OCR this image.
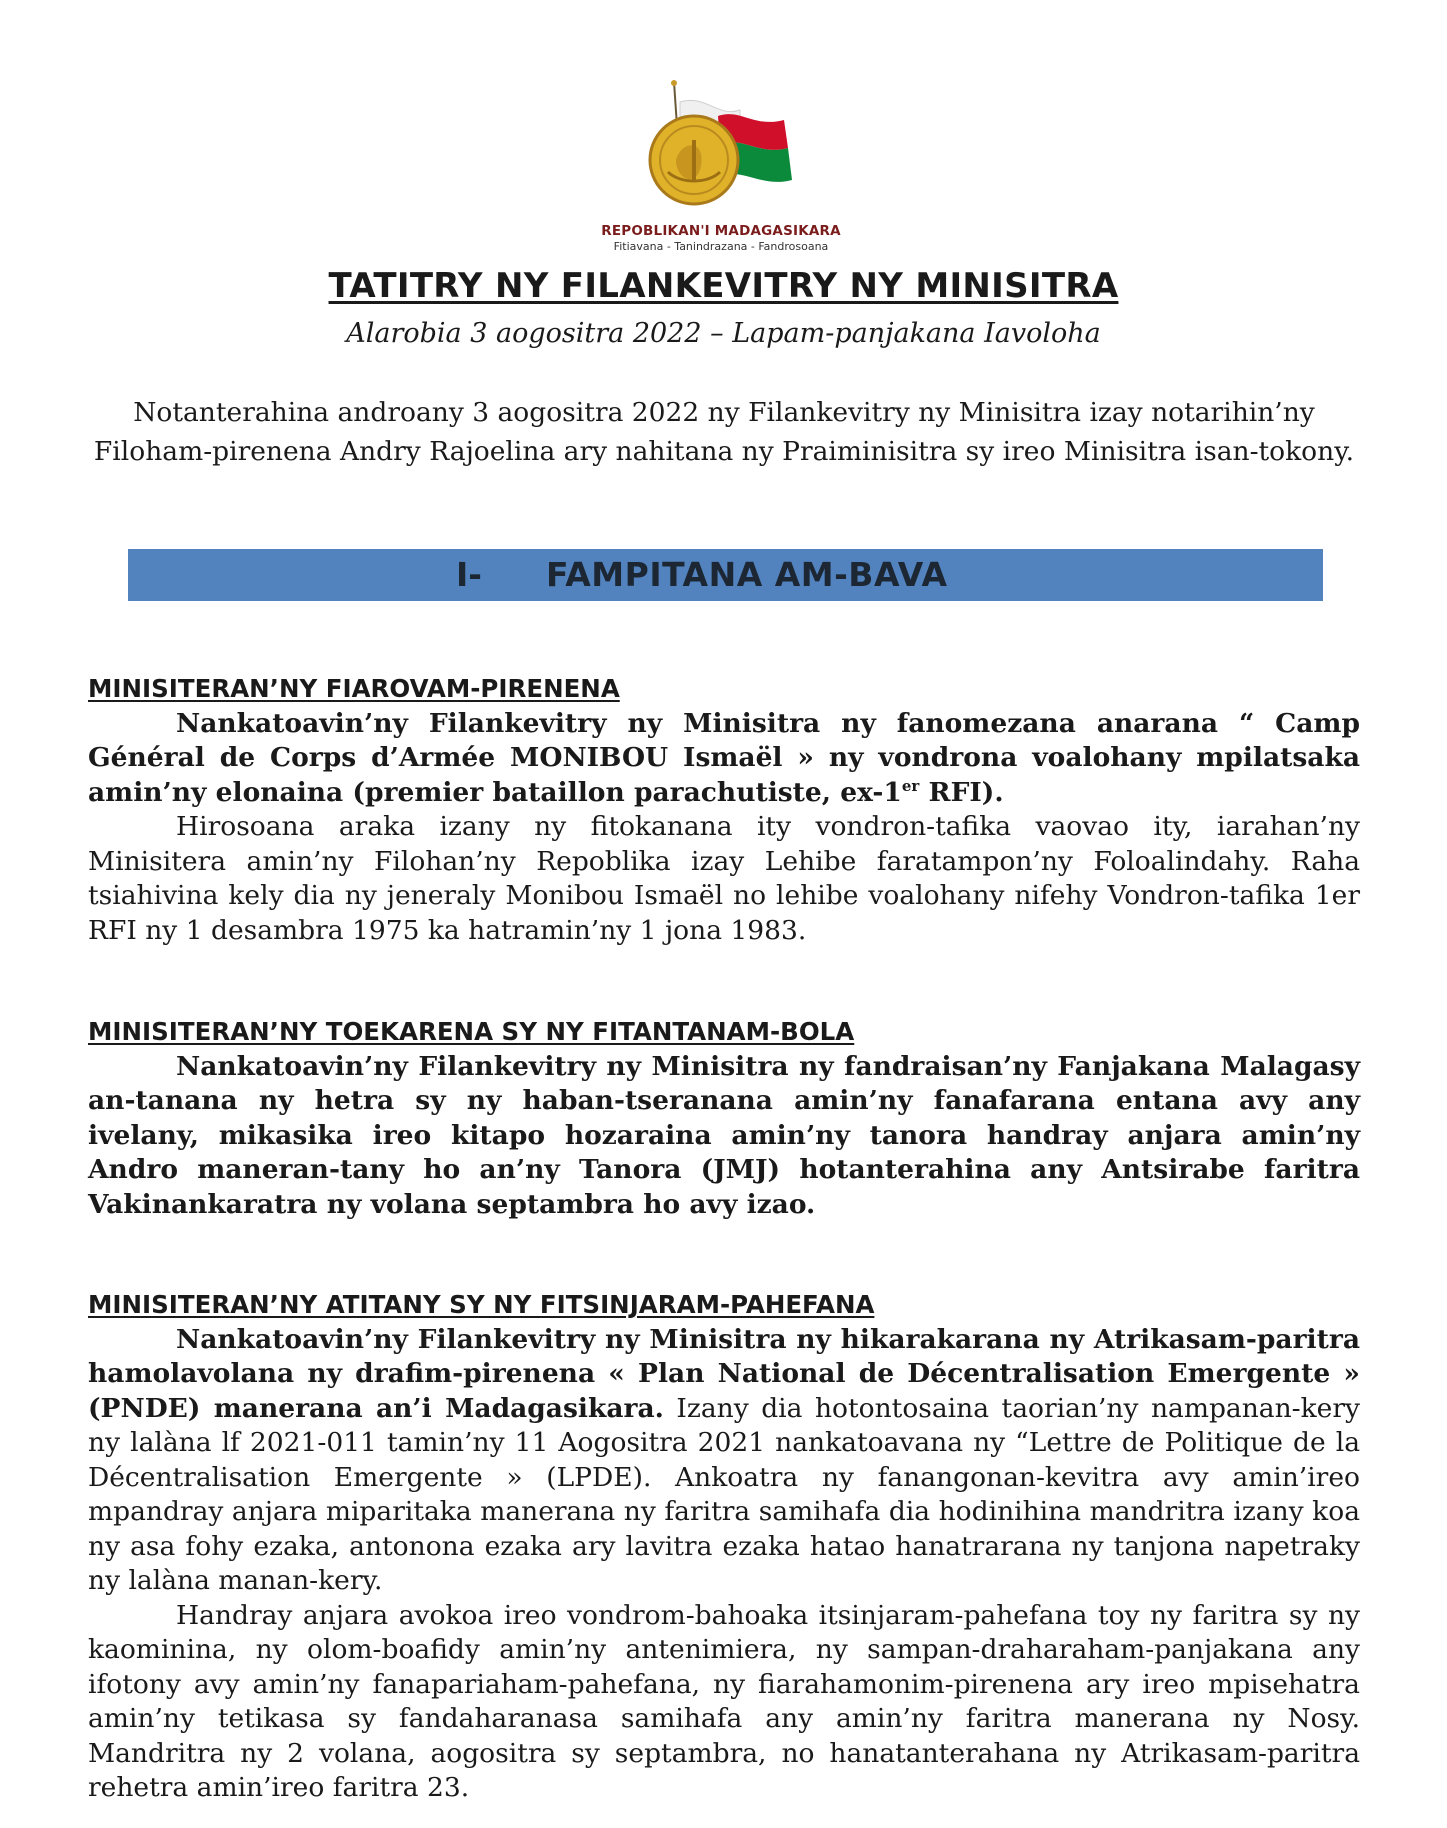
REPOBLIKAN'I MADAGASIKARA
Fitiavana - Tanindrazana - Fandrosoana
TATITRY NY FILANKEVITRY NY MINISITRA
Alarobia 3 aogositra 2022 – Lapam-panjakana Iavoloha
Notanterahina androany 3 aogositra 2022 ny Filankevitry ny Minisitra izay notarihin’ny Filoham-pirenena Andry Rajoelina ary nahitana ny Praiminisitra sy ireo Minisitra isan-tokony.
I- FAMPITANA AM-BAVA
MINISITERAN’NY FIAROVAM-PIRENENA

Nankatoavin’ny Filankevitry ny Minisitra ny fanomezana anarana “ Camp Général de Corps d’Armée MONIBOU Ismaël » ny vondrona voalohany mpilatsaka amin’ny elonaina (premier bataillon parachutiste, ex-1er RFI).

Hirosoana araka izany ny fitokanana ity vondron-tafika vaovao ity, iarahan’ny Minisitera amin’ny Filohan’ny Repoblika izay Lehibe faratampon’ny Foloalindahy. Raha tsiahivina kely dia ny jeneraly Monibou Ismaël no lehibe voalohany nifehy Vondron-tafika 1er RFI ny 1 desambra 1975 ka hatramin’ny 1 jona 1983.

MINISITERAN’NY TOEKARENA SY NY FITANTANAM-BOLA

Nankatoavin’ny Filankevitry ny Minisitra ny fandraisan’ny Fanjakana Malagasy an-tanana ny hetra sy ny haban-tseranana amin’ny fanafarana entana avy any ivelany, mikasika ireo kitapo hozaraina amin’ny tanora handray anjara amin’ny Andro maneran-tany ho an’ny Tanora (JMJ) hotanterahina any Antsirabe faritra Vakinankaratra ny volana septambra ho avy izao.

MINISITERAN’NY ATITANY SY NY FITSINJARAM-PAHEFANA

Nankatoavin’ny Filankevitry ny Minisitra ny hikarakarana ny Atrikasam-paritra hamolavolana ny drafim-pirenena « Plan National de Décentralisation Emergente » (PNDE) manerana an’i Madagasikara. Izany dia hotontosaina taorian’ny nampanan-kery ny lalàna lf 2021-011 tamin’ny 11 Aogositra 2021 nankatoavana ny “Lettre de Politique de la Décentralisation Emergente » (LPDE). Ankoatra ny fanangonan-kevitra avy amin’ireo mpandray anjara miparitaka manerana ny faritra samihafa dia hodinihina mandritra izany koa ny asa fohy ezaka, antonona ezaka ary lavitra ezaka hatao hanatrarana ny tanjona napetraky ny lalàna manan-kery.

Handray anjara avokoa ireo vondrom-bahoaka itsinjaram-pahefana toy ny faritra sy ny kaominina, ny olom-boafidy amin’ny antenimiera, ny sampan-draharaham-panjakana any ifotony avy amin’ny fanapariaham-pahefana, ny fiarahamonim-pirenena ary ireo mpisehatra amin’ny tetikasa sy fandaharanasa samihafa any amin’ny faritra manerana ny Nosy. Mandritra ny 2 volana, aogositra sy septambra, no hanatanterahana ny Atrikasam-paritra rehetra amin’ireo faritra 23.
